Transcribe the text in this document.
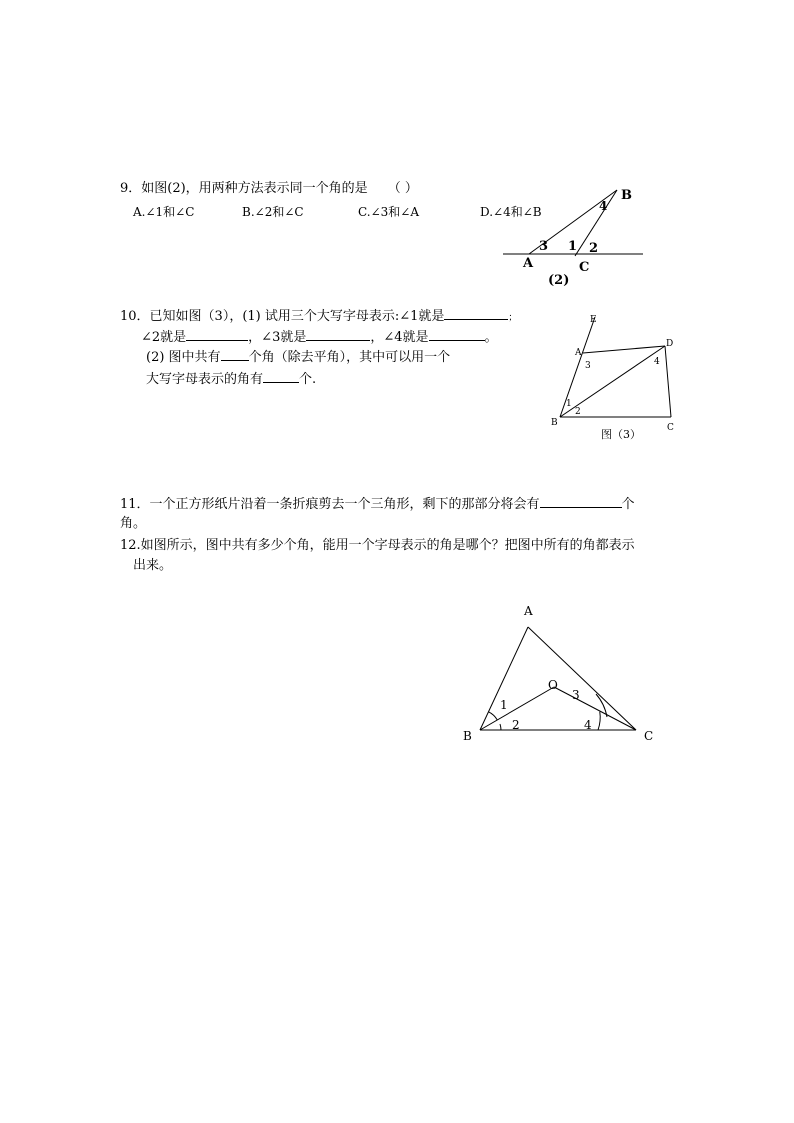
9．如图(2)，用两种方法表示同一个角的是 （ ）
A.∠1和∠C	B.∠2和∠C	C.∠3和∠A	D.∠4和∠B
B
A	C
3 1 2
4
(2)
10．已知如图（3），(1) 试用三个大写字母表示:∠1就是	；
∠2就是	，∠3就是	，∠4就是	。
(2) 图中共有 个角（除去平角），其中可以用一个
大写字母表示的角有	个.
E
A
D
B	C
3	4
1
2
图（3）
11．一个正方形纸片沿着一条折痕剪去一个三角形，剩下的那部分将会有	个
角。
12.如图所示，图中共有多少个角，能用一个字母表示的角是哪个？把图中所有的角都表示
出来。
A
B	C
O
1
2
3
4
